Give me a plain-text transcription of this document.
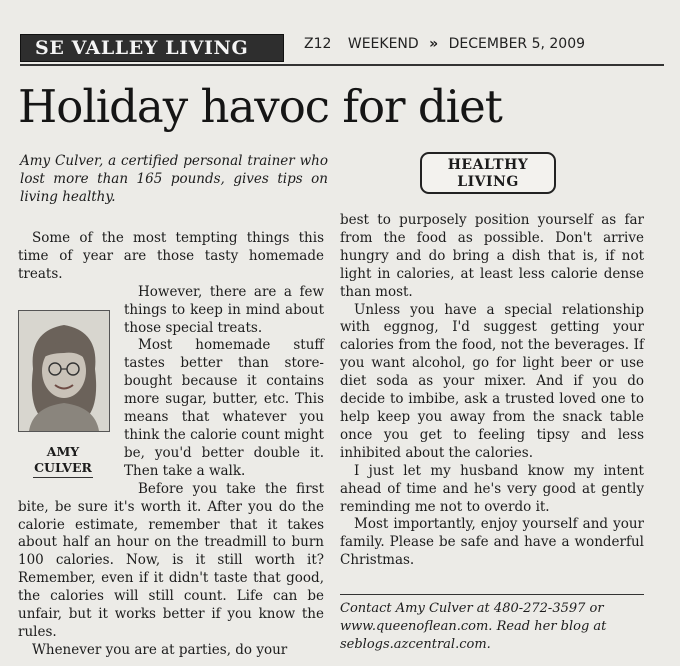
SE VALLEY LIVING	Z12 WEEKEND » DECEMBER 5, 2009
Holiday havoc for diet
Amy Culver, a certified personal trainer who lost more than 165 pounds, gives tips on living healthy.
HEALTHY
LIVING

Some of the most tempting things this time of year are those tasty homemade treats.

AMY
CULVER

However, there are a few things to keep in mind about those special treats.

Most homemade stuff tastes better than store-bought because it contains more sugar, butter, etc. This means that whatever you think the calorie count might be, you'd better double it. Then take a walk.

Before you take the first bite, be sure it's worth it. After you do the calorie estimate, remember that it takes about half an hour on the treadmill to burn 100 calories. Now, is it still worth it? Remember, even if it didn't taste that good, the calories will still count. Life can be unfair, but it works better if you know the rules.

Whenever you are at parties, do your

best to purposely position yourself as far from the food as possible. Don't arrive hungry and do bring a dish that is, if not light in calories, at least less calorie dense than most.

Unless you have a special relationship with eggnog, I'd suggest getting your calories from the food, not the beverages. If you want alcohol, go for light beer or use diet soda as your mixer. And if you do decide to imbibe, ask a trusted loved one to help keep you away from the snack table once you get to feeling tipsy and less inhibited about the calories.

I just let my husband know my intent ahead of time and he's very good at gently reminding me not to overdo it.

Most importantly, enjoy yourself and your family. Please be safe and have a wonderful Christmas.

Contact Amy Culver at 480-272-3597 or www.queenoflean.com. Read her blog at seblogs.azcentral.com.
